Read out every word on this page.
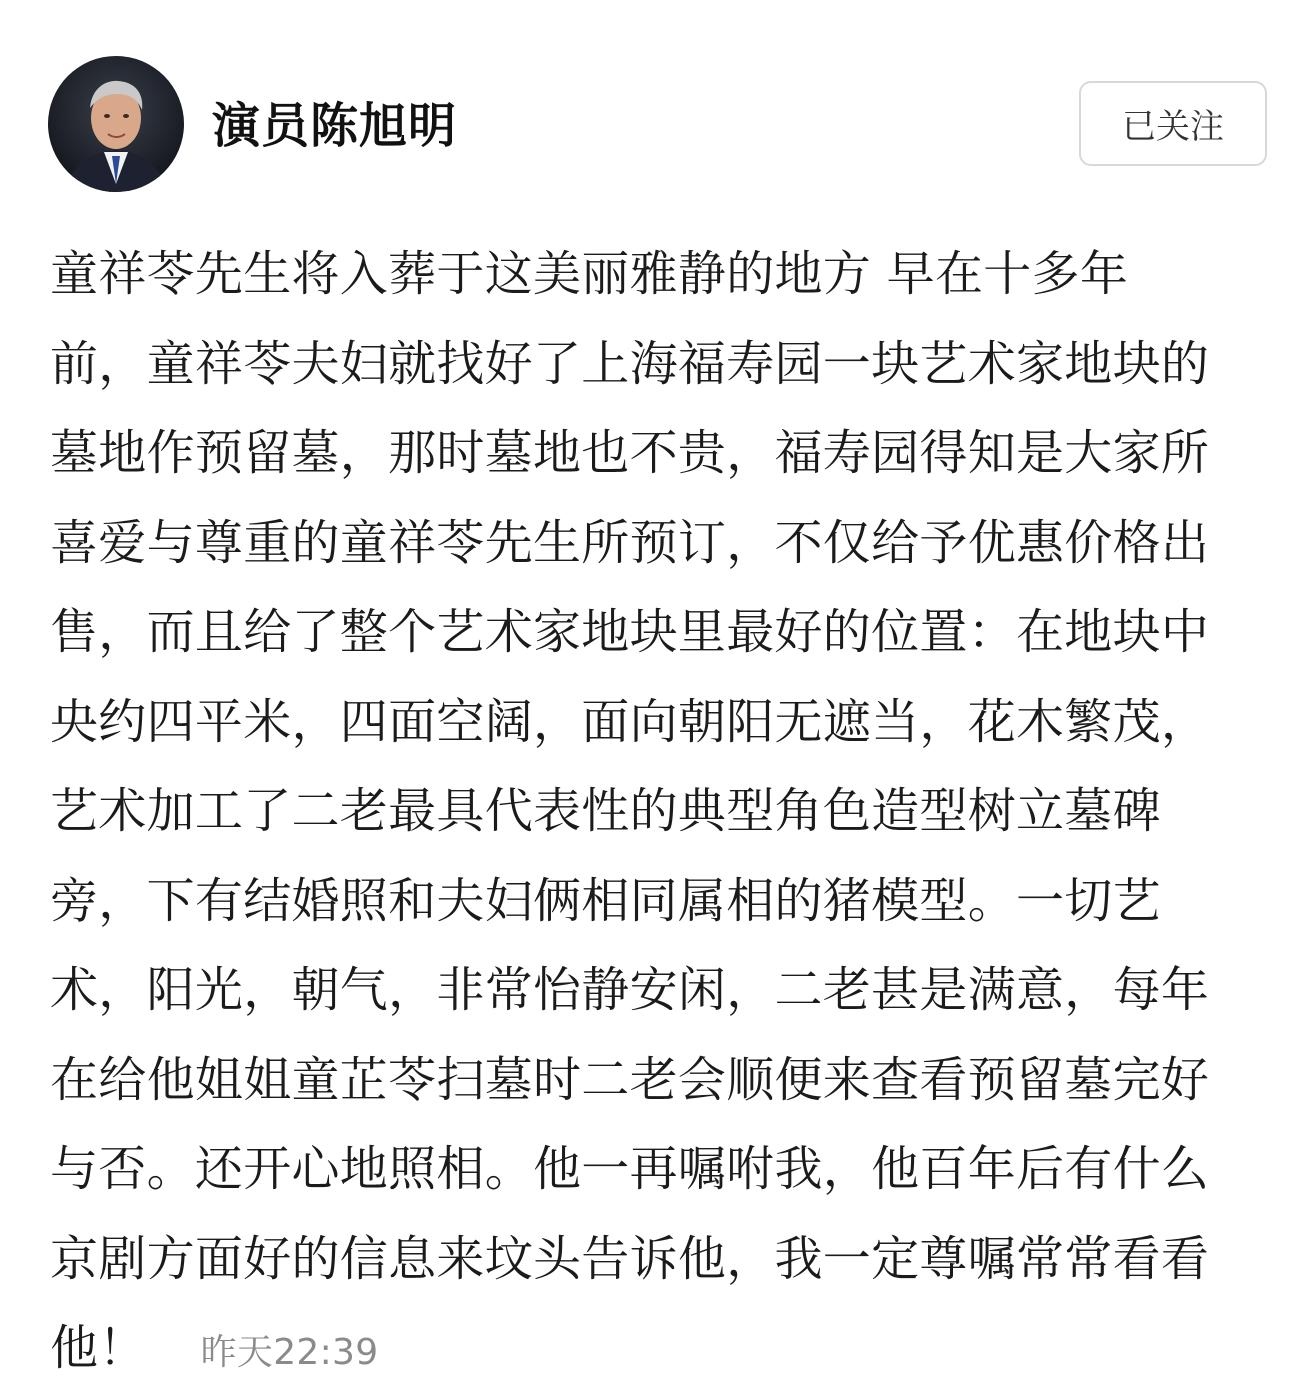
演员陈旭明	已关注
童祥苓先生将入葬于这美丽雅静的地方 早在十多年
前，童祥苓夫妇就找好了上海福寿园一块艺术家地块的
墓地作预留墓，那时墓地也不贵，福寿园得知是大家所
喜爱与尊重的童祥苓先生所预订，不仅给予优惠价格出
售，而且给了整个艺术家地块里最好的位置：在地块中
央约四平米，四面空阔，面向朝阳无遮当，花木繁茂，
艺术加工了二老最具代表性的典型角色造型树立墓碑
旁，下有结婚照和夫妇俩相同属相的猪模型。一切艺
术，阳光，朝气，非常怡静安闲，二老甚是满意，每年
在给他姐姐童芷苓扫墓时二老会顺便来查看预留墓完好
与否。还开心地照相。他一再嘱咐我，他百年后有什么
京剧方面好的信息来坟头告诉他，我一定尊嘱常常看看
他！ 昨天22:39
